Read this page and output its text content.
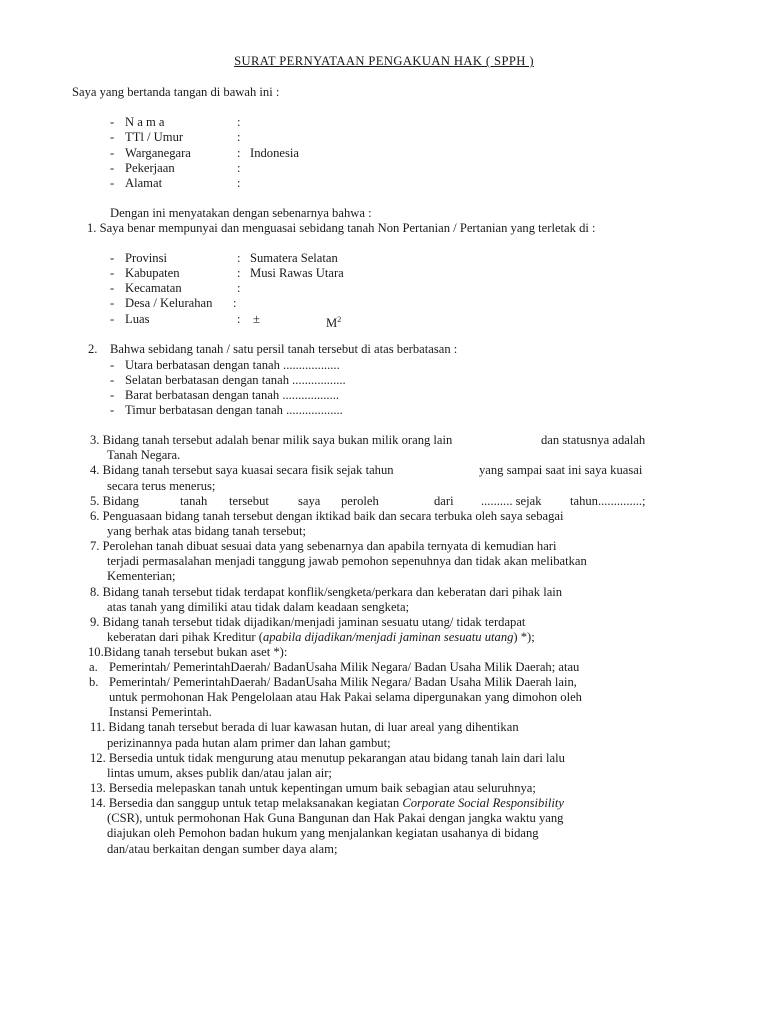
SURAT PERNYATAAN PENGAKUAN HAK ( SPPH )
Saya yang bertanda tangan di bawah ini :
- N a m a	:
- TTl / Umur	:
- Warganegara	: Indonesia
- Pekerjaan	:
- Alamat	:
Dengan ini menyatakan dengan sebenarnya bahwa :
1. Saya benar mempunyai dan menguasai sebidang tanah Non Pertanian / Pertanian yang terletak di :
- Provinsi	: Sumatera Selatan
- Kabupaten	: Musi Rawas Utara
- Kecamatan	:
- Desa / Kelurahan :
- Luas	: ±	$M^2$
2. Bahwa sebidang tanah / satu persil tanah tersebut di atas berbatasan :
- Utara berbatasan dengan tanah ..................
- Selatan berbatasan dengan tanah .................
- Barat berbatasan dengan tanah ..................
- Timur berbatasan dengan tanah ..................
3. Bidang tanah tersebut adalah benar milik saya bukan milik orang lain	dan statusnya adalah
Tanah Negara.
4. Bidang tanah tersebut saya kuasai secara fisik sejak tahun	yang sampai saat ini saya kuasai
secara terus menerus;
5. Bidang	tanah tersebut saya peroleh	dari .......... sejak tahun..............;
6. Penguasaan bidang tanah tersebut dengan iktikad baik dan secara terbuka oleh saya sebagai
yang berhak atas bidang tanah tersebut;
7. Perolehan tanah dibuat sesuai data yang sebenarnya dan apabila ternyata di kemudian hari
terjadi permasalahan menjadi tanggung jawab pemohon sepenuhnya dan tidak akan melibatkan
Kementerian;
8. Bidang tanah tersebut tidak terdapat konflik/sengketa/perkara dan keberatan dari pihak lain
atas tanah yang dimiliki atau tidak dalam keadaan sengketa;
9. Bidang tanah tersebut tidak dijadikan/menjadi jaminan sesuatu utang/ tidak terdapat
keberatan dari pihak Kreditur (apabila dijadikan/menjadi jaminan sesuatu utang) *);
10.Bidang tanah tersebut bukan aset *):
a. Pemerintah/ PemerintahDaerah/ BadanUsaha Milik Negara/ Badan Usaha Milik Daerah; atau
b. Pemerintah/ PemerintahDaerah/ BadanUsaha Milik Negara/ Badan Usaha Milik Daerah lain,
untuk permohonan Hak Pengelolaan atau Hak Pakai selama dipergunakan yang dimohon oleh
Instansi Pemerintah.
11. Bidang tanah tersebut berada di luar kawasan hutan, di luar areal yang dihentikan
perizinannya pada hutan alam primer dan lahan gambut;
12. Bersedia untuk tidak mengurung atau menutup pekarangan atau bidang tanah lain dari lalu
lintas umum, akses publik dan/atau jalan air;
13. Bersedia melepaskan tanah untuk kepentingan umum baik sebagian atau seluruhnya;
14. Bersedia dan sanggup untuk tetap melaksanakan kegiatan Corporate Social Responsibility
(CSR), untuk permohonan Hak Guna Bangunan dan Hak Pakai dengan jangka waktu yang
diajukan oleh Pemohon badan hukum yang menjalankan kegiatan usahanya di bidang
dan/atau berkaitan dengan sumber daya alam;
